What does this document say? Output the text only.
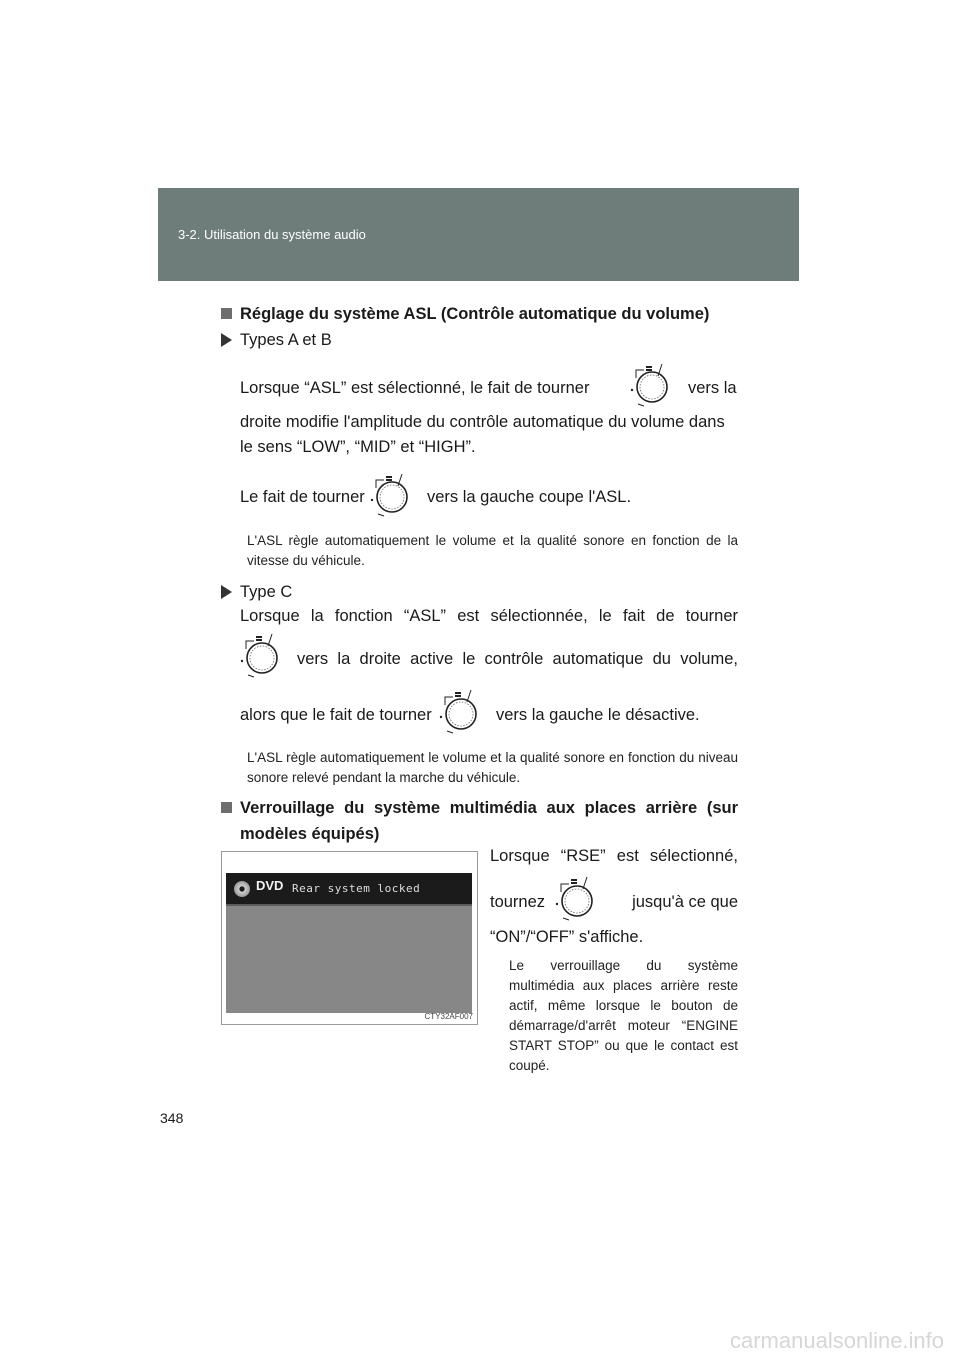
3-2. Utilisation du système audio
Réglage du système ASL (Contrôle automatique du volume)
Types A et B
Lorsque “ASL” est sélectionné, le fait de tourner	vers la
droite modifie l'amplitude du contrôle automatique du volume dans
le sens “LOW”, “MID” et “HIGH”.
Le fait de tourner	vers la gauche coupe l'ASL.
L'ASL règle automatiquement le volume et la qualité sonore en fonction de la vitesse du véhicule.
Type C
Lorsque la fonction “ASL” est sélectionnée, le fait de tourner
vers la droite active le contrôle automatique du volume,
alors que le fait de tourner	vers la gauche le désactive.
L'ASL règle automatiquement le volume et la qualité sonore en fonction du niveau sonore relevé pendant la marche du véhicule.
Verrouillage du système multimédia aux places arrière (sur modèles équipés)
DVD Rear system locked
CTY32AF007
Lorsque “RSE” est sélectionné,
tournez	jusqu'à ce que
“ON”/“OFF” s'affiche.
Le verrouillage du système multimédia aux places arrière reste actif, même lorsque le bouton de démarrage/d'arrêt moteur “ENGINE START STOP” ou que le contact est coupé.
348
carmanualsonline.info
